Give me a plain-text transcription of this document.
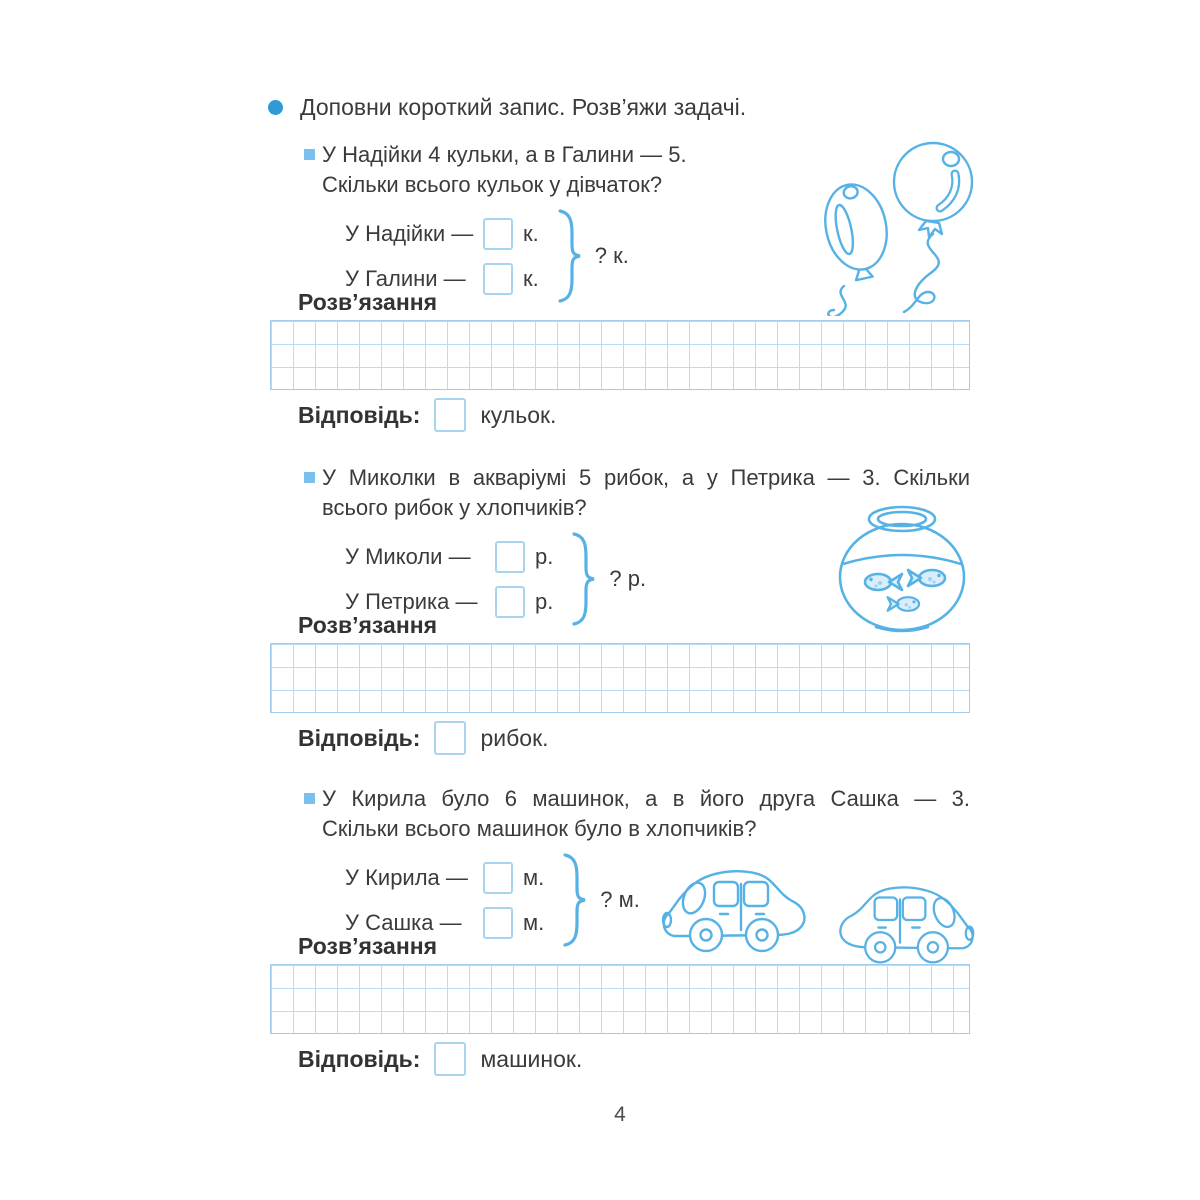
Доповни короткий запис. Розв’яжи задачі.
У Надійки 4 кульки, а в Галини — 5.
Скільки всього кульок у дівчаток?
У Надійки —	к.
У Галини —	к.
? к.
Розв’язання
Відповідь:	кульок.
У Миколки в акваріумі 5 рибок, а у Петрика — 3. Скільки
всього рибок у хлопчиків?
У Миколи —	р.
У Петрика —	р.
? р.
Розв’язання
Відповідь:	рибок.
У Кирила було 6 машинок, а в його друга Сашка — 3.
Скільки всього машинок було в хлопчиків?
У Кирила —	м.
У Сашка —	м.
? м.
Розв’язання
Відповідь:	машинок.
4
